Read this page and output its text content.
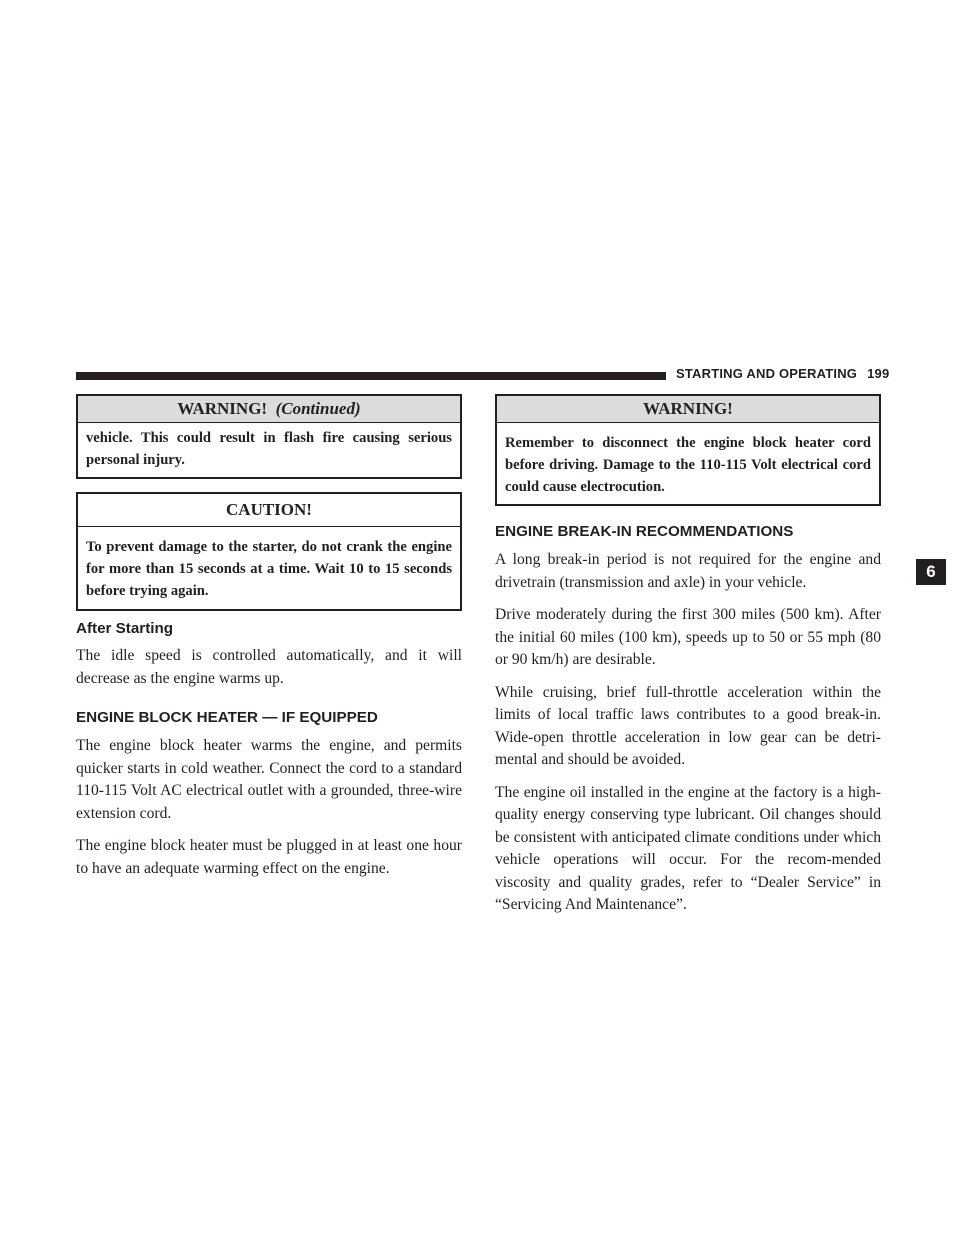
STARTING AND OPERATING 199
6
WARNING! (Continued)
vehicle. This could result in flash fire causing serious personal injury.
CAUTION!
To prevent damage to the starter, do not crank the engine for more than 15 seconds at a time. Wait 10 to 15 seconds before trying again.
After Starting

The idle speed is controlled automatically, and it will decrease as the engine warms up.

ENGINE BLOCK HEATER — IF EQUIPPED

The engine block heater warms the engine, and permits quicker starts in cold weather. Connect the cord to a standard 110-115 Volt AC electrical outlet with a grounded, three-wire extension cord.

The engine block heater must be plugged in at least one hour to have an adequate warming effect on the engine.

WARNING!
Remember to disconnect the engine block heater cord before driving. Damage to the 110-115 Volt electrical cord could cause electrocution.
ENGINE BREAK-IN RECOMMENDATIONS

A long break-in period is not required for the engine and drivetrain (transmission and axle) in your vehicle.

Drive moderately during the first 300 miles (500 km). After the initial 60 miles (100 km), speeds up to 50 or 55 mph (80 or 90 km/h) are desirable.

While cruising, brief full-throttle acceleration within the limits of local traffic laws contributes to a good break-in. Wide-open throttle acceleration in low gear can be detri-mental and should be avoided.

The engine oil installed in the engine at the factory is a high-quality energy conserving type lubricant. Oil changes should be consistent with anticipated climate conditions under which vehicle operations will occur. For the recom-mended viscosity and quality grades, refer to “Dealer Service” in “Servicing And Maintenance”.
